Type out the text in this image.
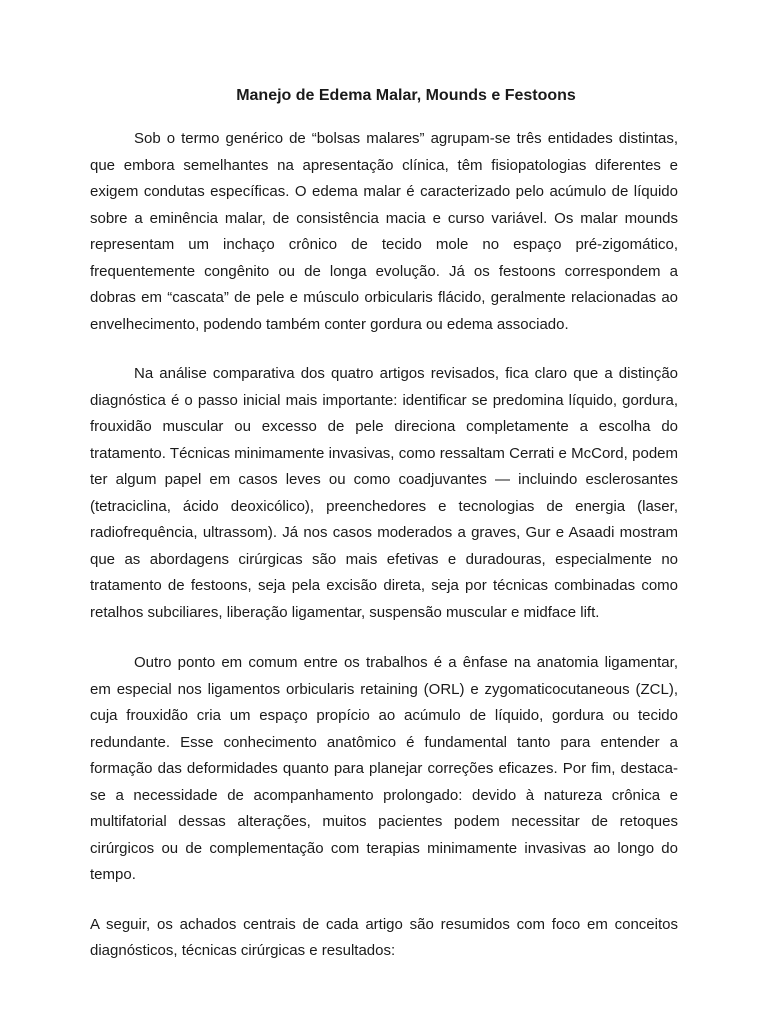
Manejo de Edema Malar, Mounds e Festoons

Sob o termo genérico de “bolsas malares” agrupam-se três entidades distintas, que embora semelhantes na apresentação clínica, têm fisiopatologias diferentes e exigem condutas específicas. O edema malar é caracterizado pelo acúmulo de líquido sobre a eminência malar, de consistência macia e curso variável. Os malar mounds representam um inchaço crônico de tecido mole no espaço pré-zigomático, frequentemente congênito ou de longa evolução. Já os festoons correspondem a dobras em “cascata” de pele e músculo orbicularis flácido, geralmente relacionadas ao envelhecimento, podendo também conter gordura ou edema associado.

Na análise comparativa dos quatro artigos revisados, fica claro que a distinção diagnóstica é o passo inicial mais importante: identificar se predomina líquido, gordura, frouxidão muscular ou excesso de pele direciona completamente a escolha do tratamento. Técnicas minimamente invasivas, como ressaltam Cerrati e McCord, podem ter algum papel em casos leves ou como coadjuvantes — incluindo esclerosantes (tetraciclina, ácido deoxicólico), preenchedores e tecnologias de energia (laser, radiofrequência, ultrassom). Já nos casos moderados a graves, Gur e Asaadi mostram que as abordagens cirúrgicas são mais efetivas e duradouras, especialmente no tratamento de festoons, seja pela excisão direta, seja por técnicas combinadas como retalhos subciliares, liberação ligamentar, suspensão muscular e midface lift.

Outro ponto em comum entre os trabalhos é a ênfase na anatomia ligamentar, em especial nos ligamentos orbicularis retaining (ORL) e zygomaticocutaneous (ZCL), cuja frouxidão cria um espaço propício ao acúmulo de líquido, gordura ou tecido redundante. Esse conhecimento anatômico é fundamental tanto para entender a formação das deformidades quanto para planejar correções eficazes. Por fim, destaca-se a necessidade de acompanhamento prolongado: devido à natureza crônica e multifatorial dessas alterações, muitos pacientes podem necessitar de retoques cirúrgicos ou de complementação com terapias minimamente invasivas ao longo do tempo.

A seguir, os achados centrais de cada artigo são resumidos com foco em conceitos diagnósticos, técnicas cirúrgicas e resultados:
